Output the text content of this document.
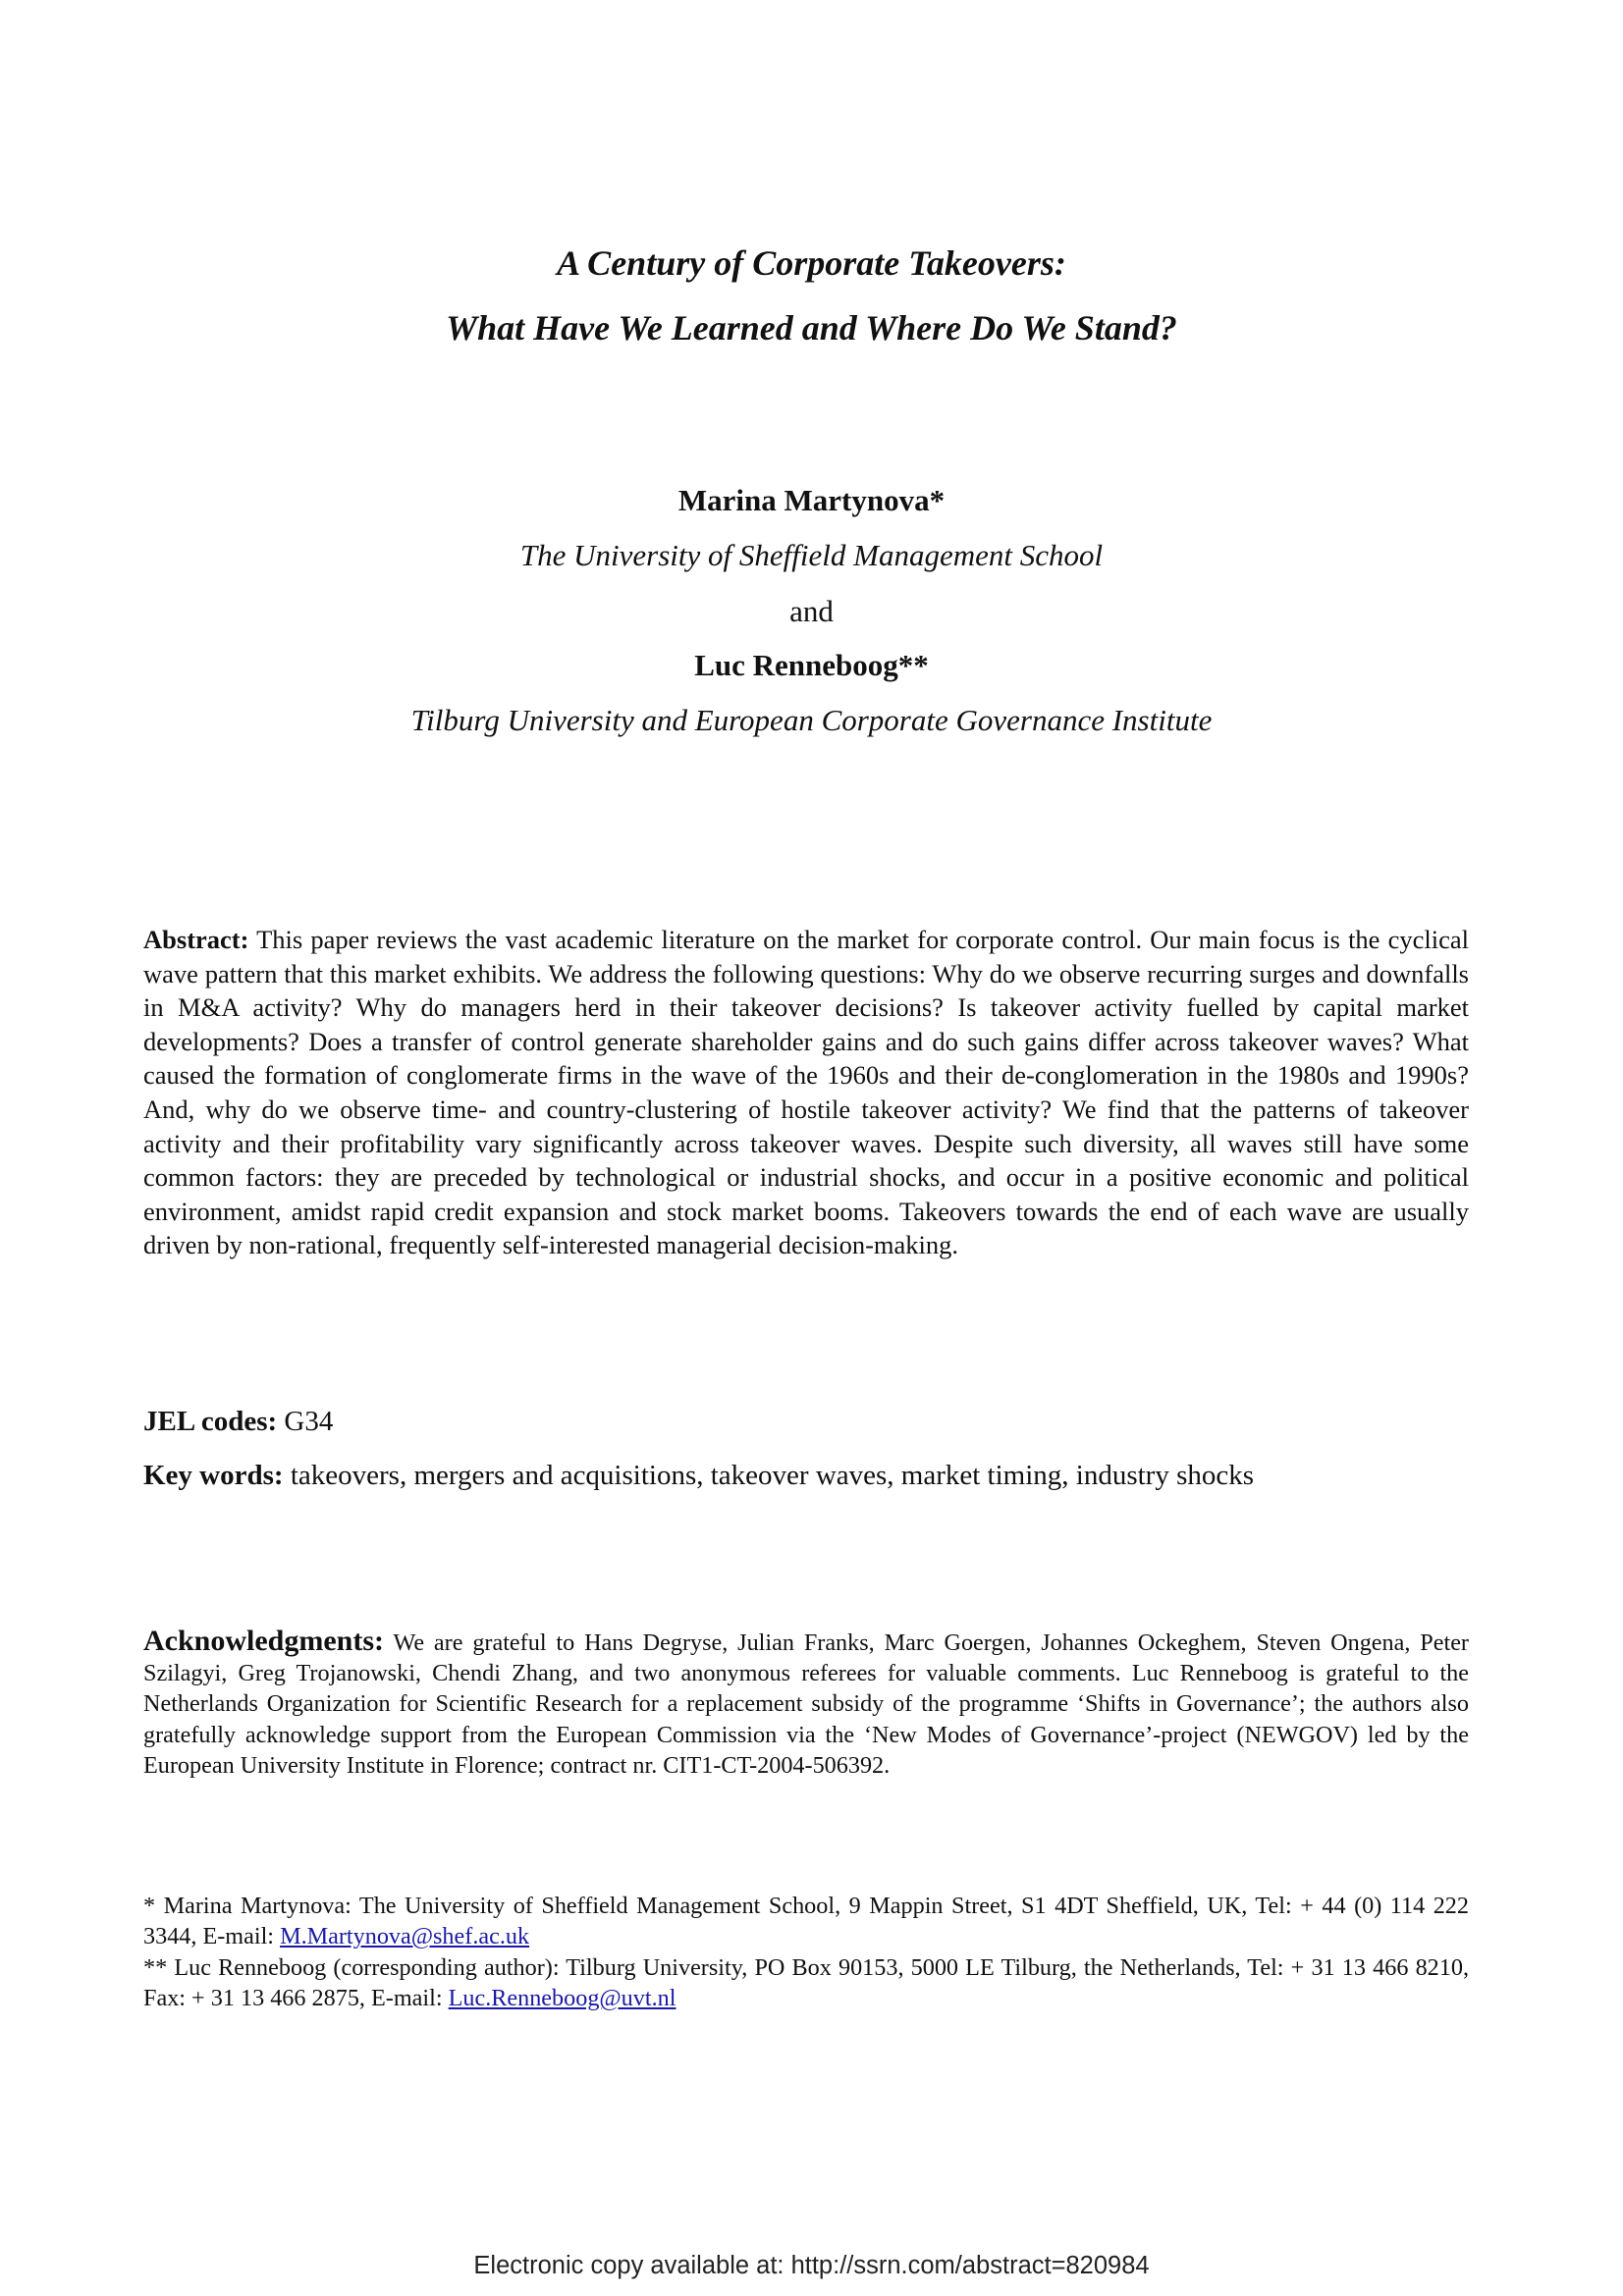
A Century of Corporate Takeovers:
What Have We Learned and Where Do We Stand?
Marina Martynova*
The University of Sheffield Management School
and
Luc Renneboog**
Tilburg University and European Corporate Governance Institute

Abstract: This paper reviews the vast academic literature on the market for corporate control. Our main focus is the cyclical wave pattern that this market exhibits. We address the following questions: Why do we observe recurring surges and downfalls in M&A activity? Why do managers herd in their takeover decisions? Is takeover activity fuelled by capital market developments? Does a transfer of control generate shareholder gains and do such gains differ across takeover waves? What caused the formation of conglomerate firms in the wave of the 1960s and their de-conglomeration in the 1980s and 1990s? And, why do we observe time- and country-clustering of hostile takeover activity? We find that the patterns of takeover activity and their profitability vary significantly across takeover waves. Despite such diversity, all waves still have some common factors: they are preceded by technological or industrial shocks, and occur in a positive economic and political environment, amidst rapid credit expansion and stock market booms. Takeovers towards the end of each wave are usually driven by non-rational, frequently self-interested managerial decision-making.

JEL codes: G34

Key words: takeovers, mergers and acquisitions, takeover waves, market timing, industry shocks

Acknowledgments: We are grateful to Hans Degryse, Julian Franks, Marc Goergen, Johannes Ockeghem, Steven Ongena, Peter Szilagyi, Greg Trojanowski, Chendi Zhang, and two anonymous referees for valuable comments. Luc Renneboog is grateful to the Netherlands Organization for Scientific Research for a replacement subsidy of the programme ‘Shifts in Governance’; the authors also gratefully acknowledge support from the European Commission via the ‘New Modes of Governance’-project (NEWGOV) led by the European University Institute in Florence; contract nr. CIT1-CT-2004-506392.

* Marina Martynova: The University of Sheffield Management School, 9 Mappin Street, S1 4DT Sheffield, UK, Tel: + 44 (0) 114 222 3344, E-mail: M.Martynova@shef.ac.uk

** Luc Renneboog (corresponding author): Tilburg University, PO Box 90153, 5000 LE Tilburg, the Netherlands, Tel: + 31 13 466 8210, Fax: + 31 13 466 2875, E-mail: Luc.Renneboog@uvt.nl

Electronic copy available at: http://ssrn.com/abstract=820984
